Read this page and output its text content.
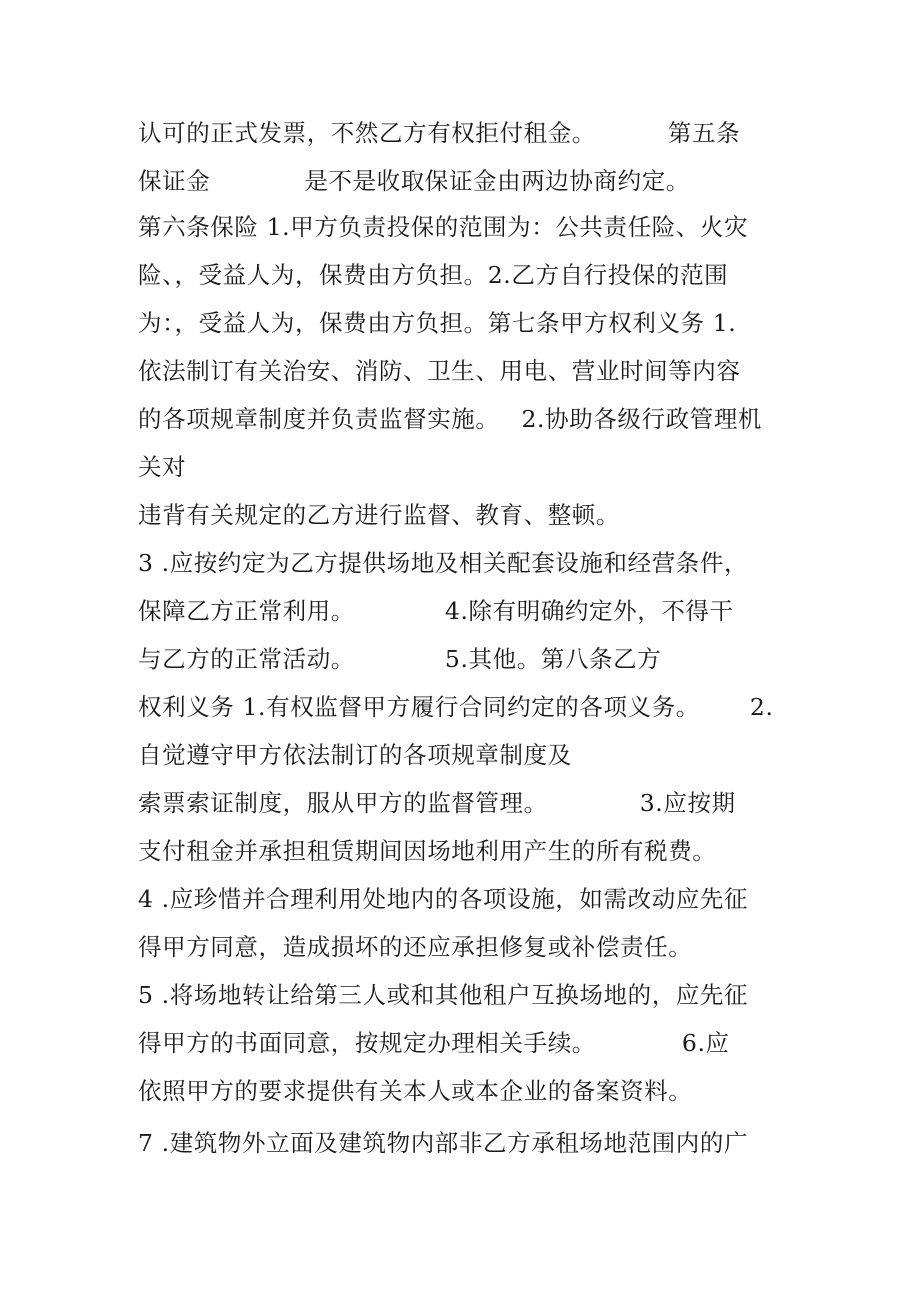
认可的正式发票，不然乙方有权拒付租金。	第五条
保证金	是不是收取保证金由两边协商约定。
第六条保险 1.甲方负责投保的范围为：公共责任险、火灾
险、，受益人为，保费由方负担。2.乙方自行投保的范围
为：，受益人为，保费由方负担。第七条甲方权利义务 1.
依法制订有关治安、消防、卫生、用电、营业时间等内容
的各项规章制度并负责监督实施。 2.协助各级行政管理机
关对
违背有关规定的乙方进行监督、教育、整顿。
3 .应按约定为乙方提供场地及相关配套设施和经营条件，
保障乙方正常利用。	4.除有明确约定外，不得干
与乙方的正常活动。	5.其他。第八条乙方
权利义务 1.有权监督甲方履行合同约定的各项义务。 2.
自觉遵守甲方依法制订的各项规章制度及
索票索证制度，服从甲方的监督管理。	3.应按期
支付租金并承担租赁期间因场地利用产生的所有税费。
4 .应珍惜并合理利用处地内的各项设施，如需改动应先征
得甲方同意，造成损坏的还应承担修复或补偿责任。
5 .将场地转让给第三人或和其他租户互换场地的，应先征
得甲方的书面同意，按规定办理相关手续。	6.应
依照甲方的要求提供有关本人或本企业的备案资料。
7 .建筑物外立面及建筑物内部非乙方承租场地范围内的广
